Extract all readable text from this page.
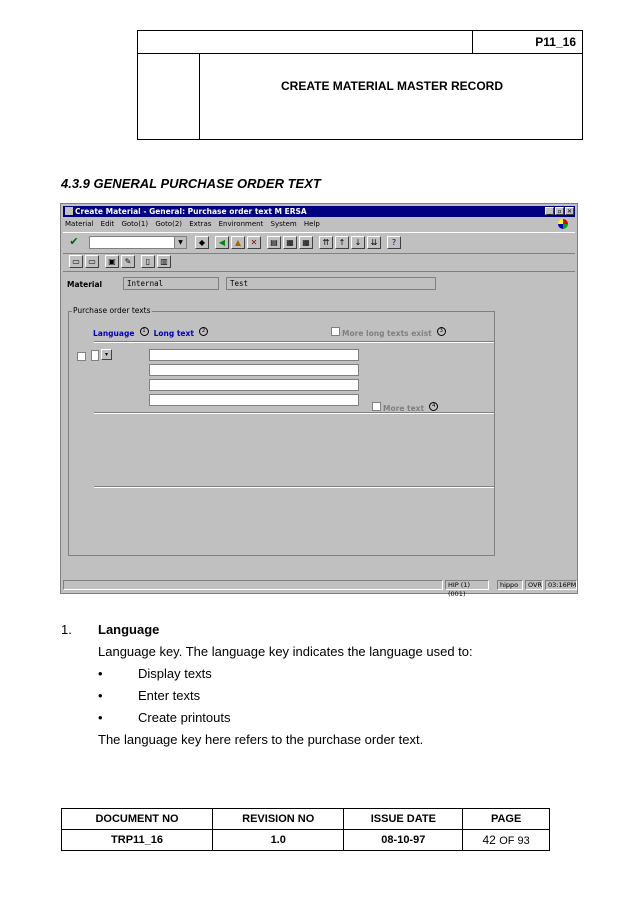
P11_16
CREATE MATERIAL MASTER RECORD
4.3.9 GENERAL PURCHASE ORDER TEXT
Create Material - General: Purchase order text M ERSA	_ ▫ ✕
Material Edit Goto(1) Goto(2) Extras Environment System Help
✔	▼	◆	◀	▲	✕	▤	▦	▦	⇈	↑	↓	⇊	?
▭	▭	▣	✎	▯	▥
Material	Internal	Test
Purchase order texts
Language 1 Long text 2	More long texts exist 3
▾
More text 4
HIP (1) (001)
hippo	OVR 03:16PM
1. Language
Language key. The language key indicates the language used to:
•	Display texts
•	Enter texts
•	Create printouts
The language key here refers to the purchase order text.
DOCUMENT NO	REVISION NO	ISSUE DATE	PAGE
TRP11_16	1.0	08-10-97	42 OF 93
